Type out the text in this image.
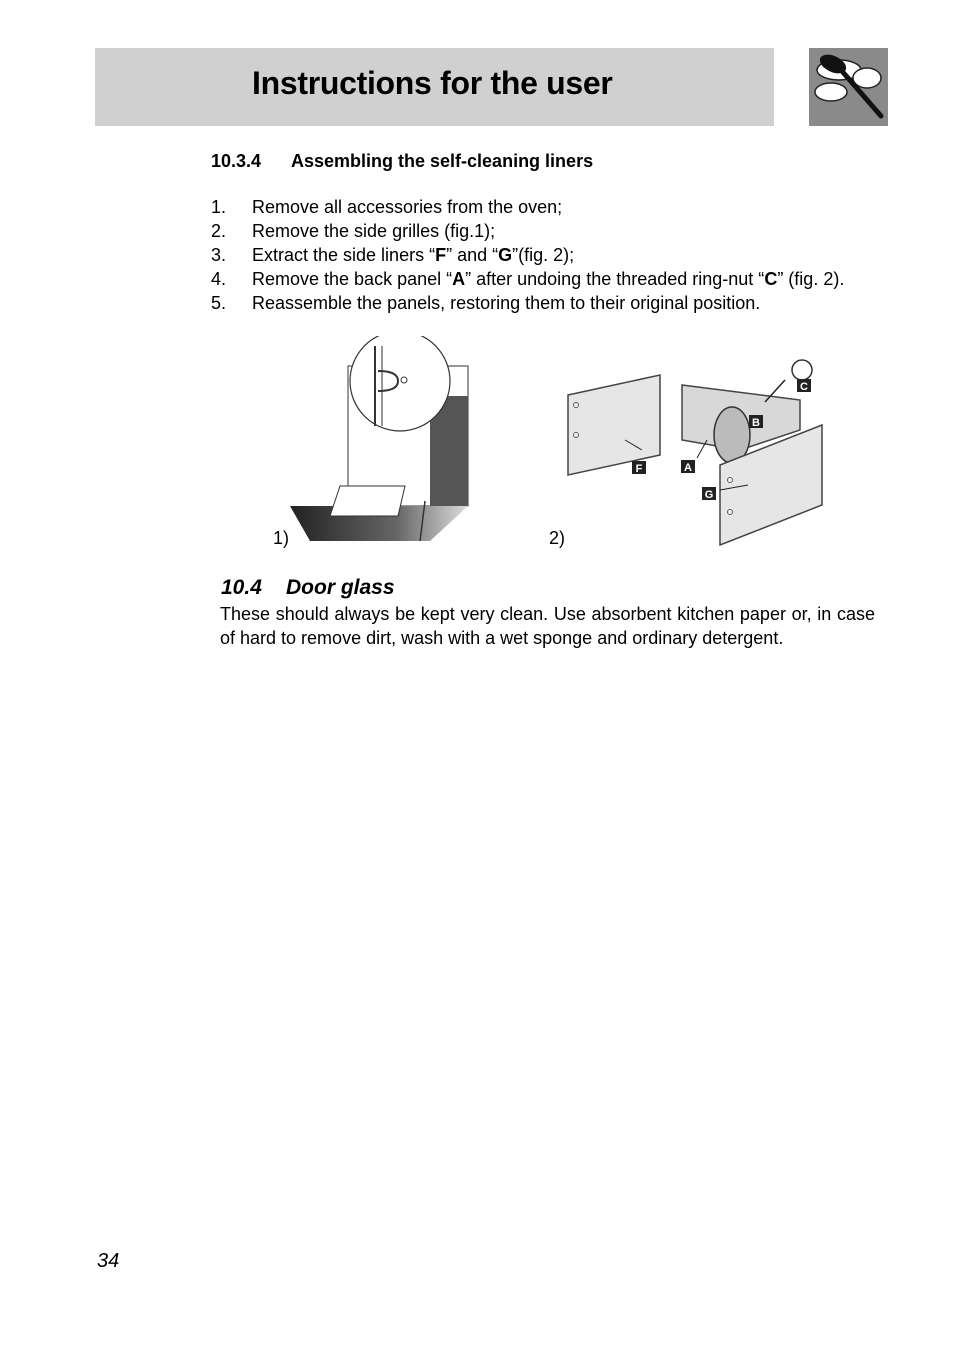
Instructions for the user
10.3.4 Assembling the self-cleaning liners
1.	Remove all accessories from the oven;
2.	Remove the side grilles (fig.1);
3.	Extract the side liners “F” and “G”(fig. 2);
4.	Remove the back panel “A” after undoing the threaded ring-nut “C” (fig. 2).
5.	Reassemble the panels, restoring them to their original position.
1)
F	A
B
C
G
2)
10.4 Door glass
These should always be kept very clean. Use absorbent kitchen paper or, in case of hard to remove dirt, wash with a wet sponge and ordinary detergent.
34
